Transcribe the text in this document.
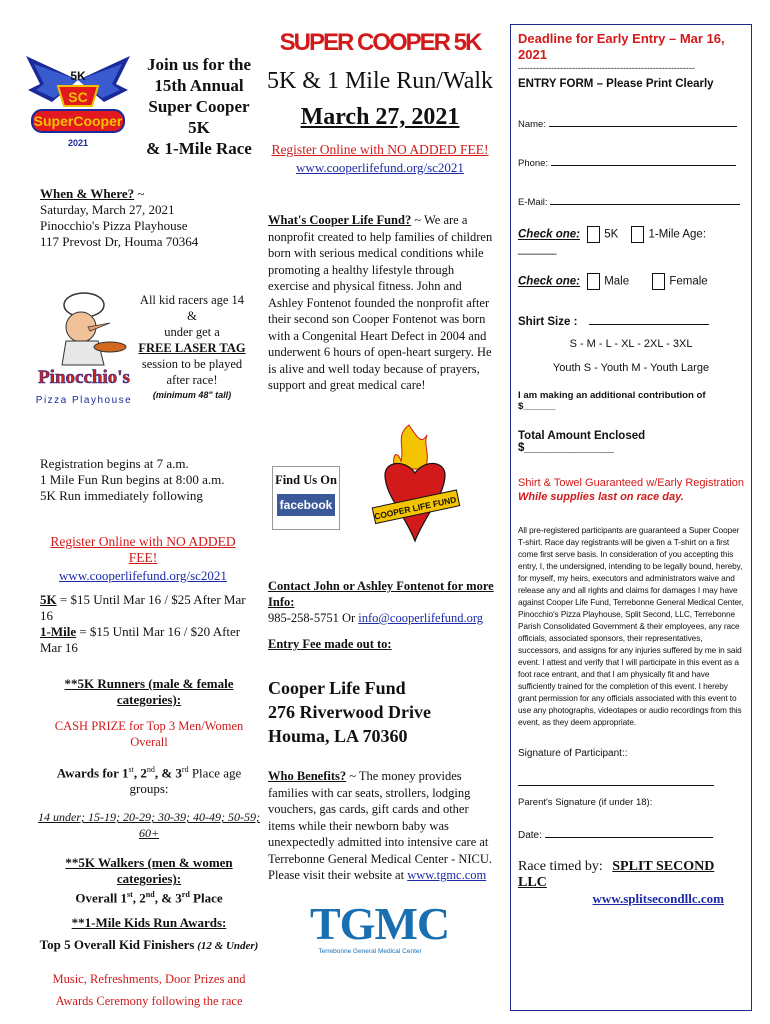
5K
SC
SuperCooper
2021
Join us for the
15th Annual
Super Cooper 5K
& 1-Mile Race
SUPER COOPER 5K
5K & 1 Mile Run/Walk
March 27, 2021
Register Online with NO ADDED FEE!
www.cooperlifefund.org/sc2021
When & Where? ~
Saturday, March 27, 2021
Pinocchio's Pizza Playhouse
117 Prevost Dr, Houma 70364
Pinocchio's
Pizza Playhouse
All kid racers age 14 &
under get a
FREE LASER TAG
session to be played
after race!
(minimum 48" tall)
Registration begins at 7 a.m.
1 Mile Fun Run begins at 8:00 a.m.
5K Run immediately following
Register Online with NO ADDED FEE!
www.cooperlifefund.org/sc2021
5K = $15 Until Mar 16 / $25 After Mar 16
1-Mile = $15 Until Mar 16 / $20 After Mar 16
**5K Runners (male & female categories):
CASH PRIZE for Top 3 Men/Women Overall
Awards for 1st, 2nd, & 3rd Place age groups:
14 under; 15-19; 20-29; 30-39; 40-49; 50-59; 60+
**5K Walkers (men & women categories):
Overall 1st, 2nd, & 3rd Place
**1-Mile Kids Run Awards:
Top 5 Overall Kid Finishers (12 & Under)
Music, Refreshments, Door Prizes and
Awards Ceremony following the race
What's Cooper Life Fund? ~ We are a nonprofit created to help families of children born with serious medical conditions while promoting a healthy lifestyle through exercise and physical fitness. John and Ashley Fontenot founded the nonprofit after their second son Cooper Fontenot was born with a Congenital Heart Defect in 2004 and underwent 6 hours of open-heart surgery. He is alive and well today because of prayers, support and great medical care!
Find Us On
facebook	COOPER LIFE FUND
Contact John or Ashley Fontenot for more Info:
985-258-5751 Or info@cooperlifefund.org
Entry Fee made out to:
Cooper Life Fund
276 Riverwood Drive
Houma, LA 70360
Who Benefits? ~ The money provides families with car seats, strollers, lodging vouchers, gas cards, gift cards and other items while their newborn baby was unexpectedly admitted into intensive care at Terrebonne General Medical Center - NICU. Please visit their website at www.tgmc.com
TGMC
Terrebonne General Medical Center
Deadline for Early Entry – Mar 16, 2021
-----------------------------------------------------------
ENTRY FORM – Please Print Clearly
Name:
Phone:
E-Mail:
Check one: 5K	1-Mile Age: ______
Check one: Male	Female
Shirt Size :
S - M - L - XL - 2XL - 3XL
Youth S - Youth M - Youth Large
I am making an additional contribution of $______
Total Amount Enclosed $______________
Shirt & Towel Guaranteed w/Early Registration
While supplies last on race day.
All pre-registered participants are guaranteed a Super Cooper T-shirt. Race day registrants will be given a T-shirt on a first come first serve basis. In consideration of you accepting this entry, I, the undersigned, intending to be legally bound, hereby, for myself, my heirs, executors and administrators waive and release any and all rights and claims for damages I may have against Cooper Life Fund, Terrebonne General Medical Center, Pinocchio's Pizza Playhouse, Split Second, LLC, Terrebonne Parish Consolidated Government & their employees, any race officials, associated sponsors, their representatives, successors, and assigns for any injuries suffered by me in said event. I attest and verify that I will participate in this event as a foot race entrant, and that I am physically fit and have sufficiently trained for the completion of this event. I hereby grant permission for any officials associated with this event to use any photographs, videotapes or audio recordings from this event, as they deem appropriate.
Signature of Participant::
Parent's Signature (if under 18):
Date:
Race timed by: SPLIT SECOND LLC
www.splitsecondllc.com
